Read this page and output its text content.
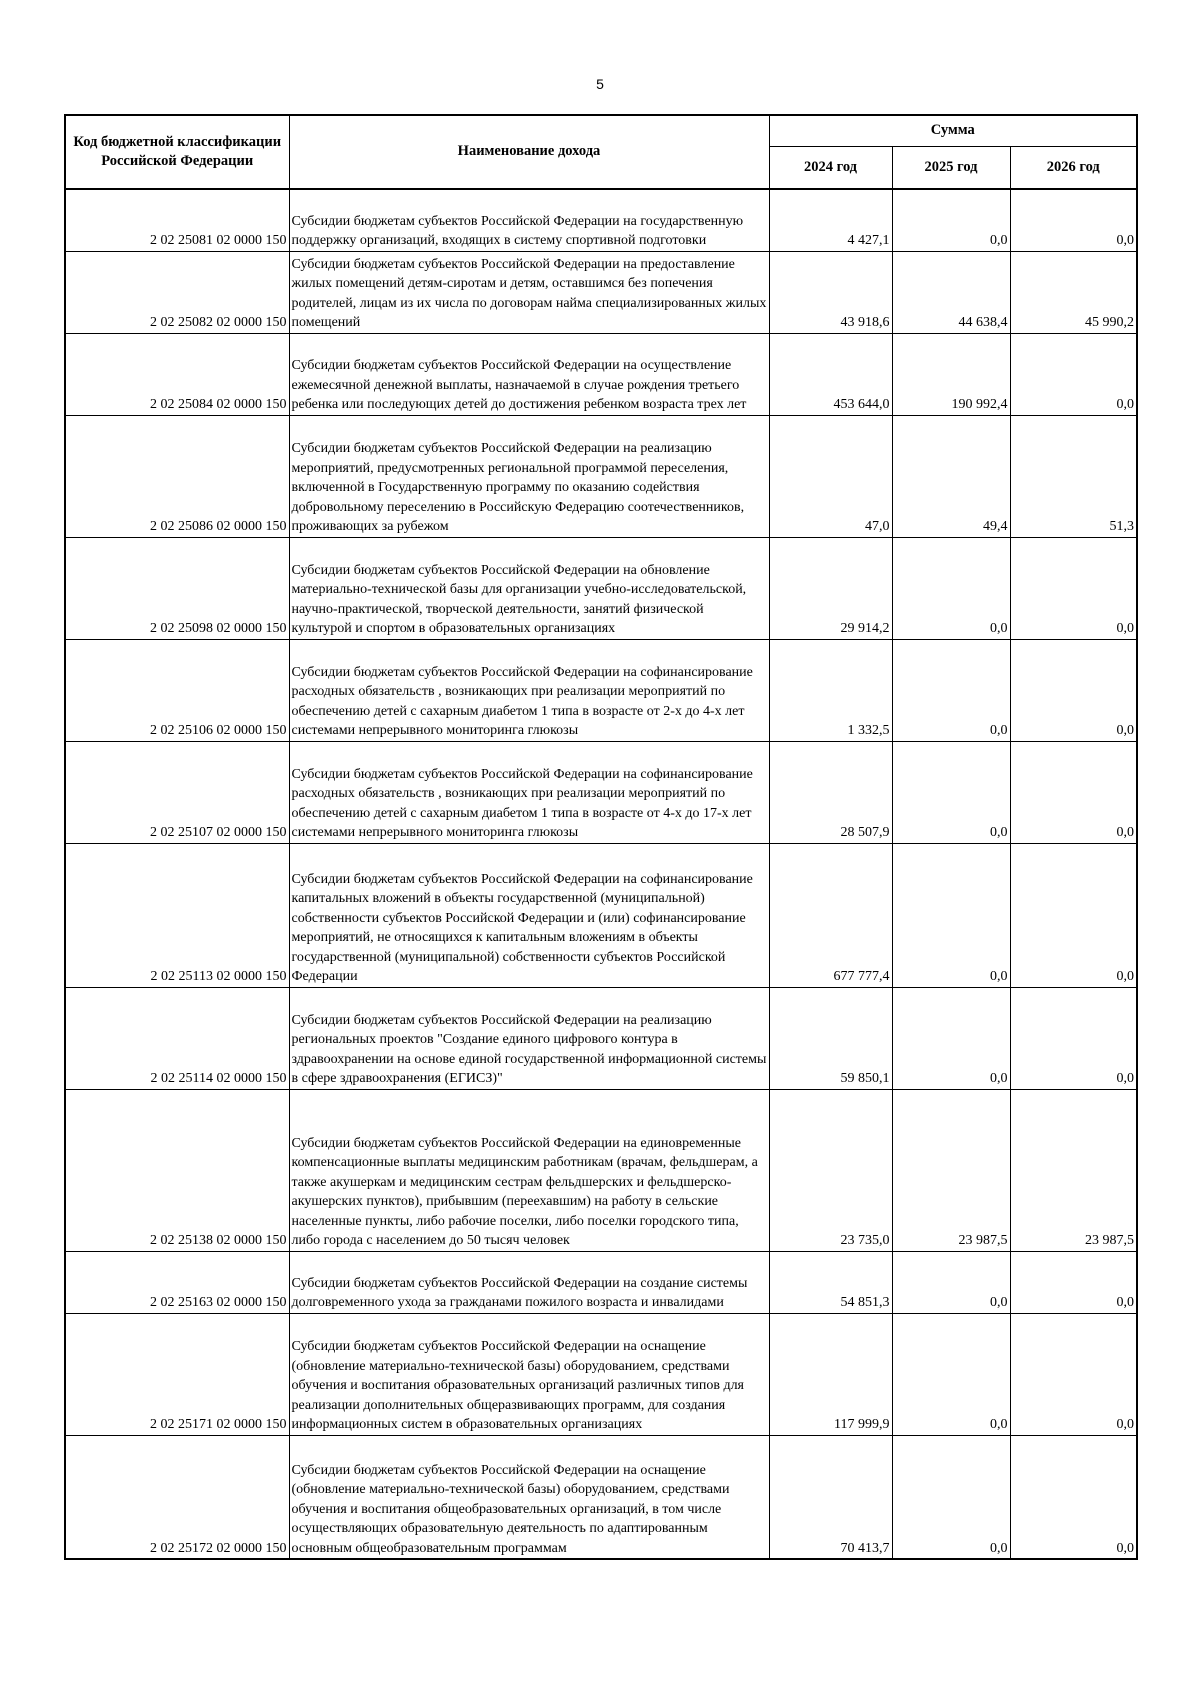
5
Код бюджетной классификации Российской Федерации	Наименование дохода	Сумма		
		2024 год	2025 год	2026 год
2 02 25081 02 0000 150	Субсидии бюджетам субъектов Российской Федерации на государственную поддержку организаций, входящих в систему спортивной подготовки	4 427,1	0,0	0,0
2 02 25082 02 0000 150	Субсидии бюджетам субъектов Российской Федерации на предоставление жилых помещений детям-сиротам и детям, оставшимся без попечения родителей, лицам из их числа по договорам найма специализированных жилых помещений	43 918,6	44 638,4	45 990,2
2 02 25084 02 0000 150	Субсидии бюджетам субъектов Российской Федерации на осуществление ежемесячной денежной выплаты, назначаемой в случае рождения третьего ребенка или последующих детей до достижения ребенком возраста трех лет	453 644,0	190 992,4	0,0
2 02 25086 02 0000 150	Субсидии бюджетам субъектов Российской Федерации на реализацию мероприятий, предусмотренных региональной программой переселения, включенной в Государственную программу по оказанию содействия добровольному переселению в Российскую Федерацию соотечественников, проживающих за рубежом	47,0	49,4	51,3
2 02 25098 02 0000 150	Субсидии бюджетам субъектов Российской Федерации на обновление материально-технической базы для организации учебно-исследовательской, научно-практической, творческой деятельности, занятий физической культурой и спортом в образовательных организациях	29 914,2	0,0	0,0
2 02 25106 02 0000 150	Субсидии бюджетам субъектов Российской Федерации на софинансирование расходных обязательств , возникающих при реализации мероприятий по обеспечению детей с сахарным диабетом 1 типа в возрасте от 2-х до 4-х лет системами непрерывного мониторинга глюкозы	1 332,5	0,0	0,0
2 02 25107 02 0000 150	Субсидии бюджетам субъектов Российской Федерации на софинансирование расходных обязательств , возникающих при реализации мероприятий по обеспечению детей с сахарным диабетом 1 типа в возрасте от 4-х до 17-х лет системами непрерывного мониторинга глюкозы	28 507,9	0,0	0,0
2 02 25113 02 0000 150	Субсидии бюджетам субъектов Российской Федерации на софинансирование капитальных вложений в объекты государственной (муниципальной) собственности субъектов Российской Федерации и (или) софинансирование мероприятий, не относящихся к капитальным вложениям в объекты государственной (муниципальной) собственности субъектов Российской Федерации	677 777,4	0,0	0,0
2 02 25114 02 0000 150	Субсидии бюджетам субъектов Российской Федерации на реализацию региональных проектов "Создание единого цифрового контура в здравоохранении на основе единой государственной информационной системы в сфере здравоохранения (ЕГИСЗ)"	59 850,1	0,0	0,0
2 02 25138 02 0000 150	Субсидии бюджетам субъектов Российской Федерации на единовременные компенсационные выплаты медицинским работникам (врачам, фельдшерам, а также акушеркам и медицинским сестрам фельдшерских и фельдшерско-акушерских пунктов), прибывшим (переехавшим) на работу в сельские населенные пункты, либо рабочие поселки, либо поселки городского типа, либо города с населением до 50 тысяч человек	23 735,0	23 987,5	23 987,5
2 02 25163 02 0000 150	Субсидии бюджетам субъектов Российской Федерации на создание системы долговременного ухода за гражданами пожилого возраста и инвалидами	54 851,3	0,0	0,0
2 02 25171 02 0000 150	Субсидии бюджетам субъектов Российской Федерации на оснащение (обновление материально-технической базы) оборудованием, средствами обучения и воспитания образовательных организаций различных типов для реализации дополнительных общеразвивающих программ, для создания информационных систем в образовательных организациях	117 999,9	0,0	0,0
2 02 25172 02 0000 150	Субсидии бюджетам субъектов Российской Федерации на оснащение (обновление материально-технической базы) оборудованием, средствами обучения и воспитания общеобразовательных организаций, в том числе осуществляющих образовательную деятельность по адаптированным основным общеобразовательным программам	70 413,7	0,0	0,0
